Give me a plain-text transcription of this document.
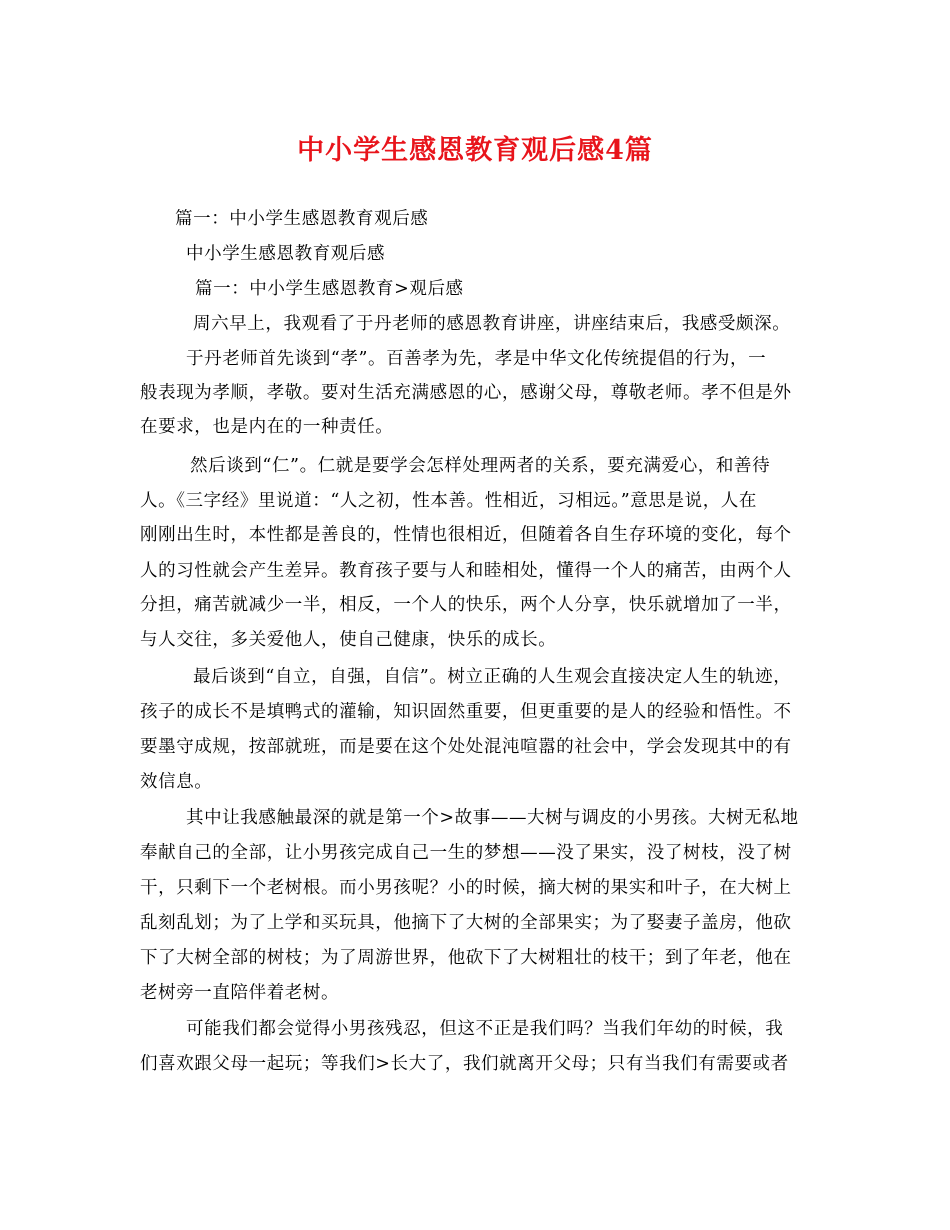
中小学生感恩教育观后感4篇
篇一：中小学生感恩教育观后感
中小学生感恩教育观后感
篇一：中小学生感恩教育>观后感
周六早上，我观看了于丹老师的感恩教育讲座，讲座结束后，我感受颇深。
于丹老师首先谈到“孝”。百善孝为先，孝是中华文化传统提倡的行为，一
般表现为孝顺，孝敬。要对生活充满感恩的心，感谢父母，尊敬老师。孝不但是外
在要求，也是内在的一种责任。
然后谈到“仁”。仁就是要学会怎样处理两者的关系，要充满爱心，和善待
人。《三字经》里说道：“人之初，性本善。性相近，习相远。”意思是说，人在
刚刚出生时，本性都是善良的，性情也很相近，但随着各自生存环境的变化，每个
人的习性就会产生差异。教育孩子要与人和睦相处，懂得一个人的痛苦，由两个人
分担，痛苦就减少一半，相反，一个人的快乐，两个人分享，快乐就增加了一半，
与人交往，多关爱他人，使自己健康，快乐的成长。
最后谈到“自立，自强，自信”。树立正确的人生观会直接决定人生的轨迹，
孩子的成长不是填鸭式的灌输，知识固然重要，但更重要的是人的经验和悟性。不
要墨守成规，按部就班，而是要在这个处处混沌喧嚣的社会中，学会发现其中的有
效信息。
其中让我感触最深的就是第一个>故事——大树与调皮的小男孩。大树无私地
奉献自己的全部，让小男孩完成自己一生的梦想——没了果实，没了树枝，没了树
干，只剩下一个老树根。而小男孩呢？小的时候，摘大树的果实和叶子，在大树上
乱刻乱划；为了上学和买玩具，他摘下了大树的全部果实；为了娶妻子盖房，他砍
下了大树全部的树枝；为了周游世界，他砍下了大树粗壮的枝干；到了年老，他在
老树旁一直陪伴着老树。
可能我们都会觉得小男孩残忍，但这不正是我们吗？当我们年幼的时候，我
们喜欢跟父母一起玩；等我们>长大了，我们就离开父母；只有当我们有需要或者
